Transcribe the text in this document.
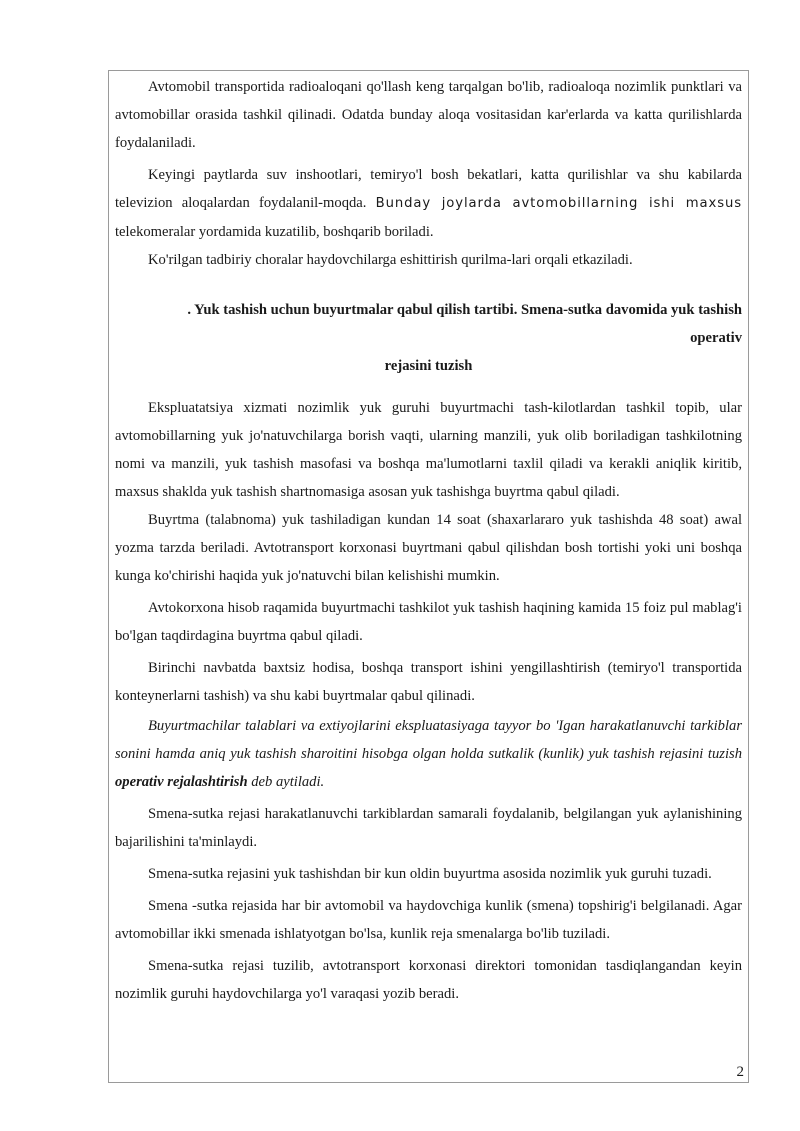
Avtomobil transportida radioaloqani qo'llash keng tarqalgan bo'lib, radioaloqa nozimlik punktlari va avtomobillar orasida tashkil qilinadi. Odatda bunday aloqa vositasidan kar'erlarda va katta qurilishlarda foydalaniladi.

Keyingi paytlarda suv inshootlari, temiryo'l bosh bekatlari, katta qurilishlar va shu kabilarda televizion aloqalardan foydalanil-moqda. Bunday joylarda avtomobillarning ishi maxsus telekomeralar yordamida kuzatilib, boshqarib boriladi.

Ko'rilgan tadbiriy choralar haydovchilarga eshittirish qurilma-lari orqali etkaziladi.

. Yuk tashish uchun buyurtmalar qabul qilish tartibi. Smena-sutka davomida yuk tashish operativ
rejasini tuzish

Ekspluatatsiya xizmati nozimlik yuk guruhi buyurtmachi tash-kilotlardan tashkil topib, ular avtomobillarning yuk jo'natuvchilarga borish vaqti, ularning manzili, yuk olib boriladigan tashkilotning nomi va manzili, yuk tashish masofasi va boshqa ma'lumotlarni taxlil qiladi va kerakli aniqlik kiritib, maxsus shaklda yuk tashish shartnomasiga asosan yuk tashishga buyrtma qabul qiladi.

Buyrtma (talabnoma) yuk tashiladigan kundan 14 soat (shaxarlararo yuk tashishda 48 soat) awal yozma tarzda beriladi. Avtotransport korxonasi buyrtmani qabul qilishdan bosh tortishi yoki uni boshqa kunga ko'chirishi haqida yuk jo'natuvchi bilan kelishishi mumkin.

Avtokorxona hisob raqamida buyurtmachi tashkilot yuk tashish haqining kamida 15 foiz pul mablag'i bo'lgan taqdirdagina buyrtma qabul qiladi.

Birinchi navbatda baxtsiz hodisa, boshqa transport ishini yengillashtirish (temiryo'l transportida konteynerlarni tashish) va shu kabi buyrtmalar qabul qilinadi.

Buyurtmachilar talablari va extiyojlarini ekspluatasiyaga tayyor bo 'Igan harakatlanuvchi tarkiblar sonini hamda aniq yuk tashish sharoitini hisobga olgan holda sutkalik (kunlik) yuk tashish rejasini tuzish operativ rejalashtirish deb aytiladi.

Smena-sutka rejasi harakatlanuvchi tarkiblardan samarali foydalanib, belgilangan yuk aylanishining bajarilishini ta'minlaydi.

Smena-sutka rejasini yuk tashishdan bir kun oldin buyurtma asosida nozimlik yuk guruhi tuzadi.

Smena -sutka rejasida har bir avtomobil va haydovchiga kunlik (smena) topshirig'i belgilanadi. Agar avtomobillar ikki smenada ishlatyotgan bo'lsa, kunlik reja smenalarga bo'lib tuziladi.

Smena-sutka rejasi tuzilib, avtotransport korxonasi direktori tomonidan tasdiqlangandan keyin nozimlik guruhi haydovchilarga yo'l varaqasi yozib beradi.

2
